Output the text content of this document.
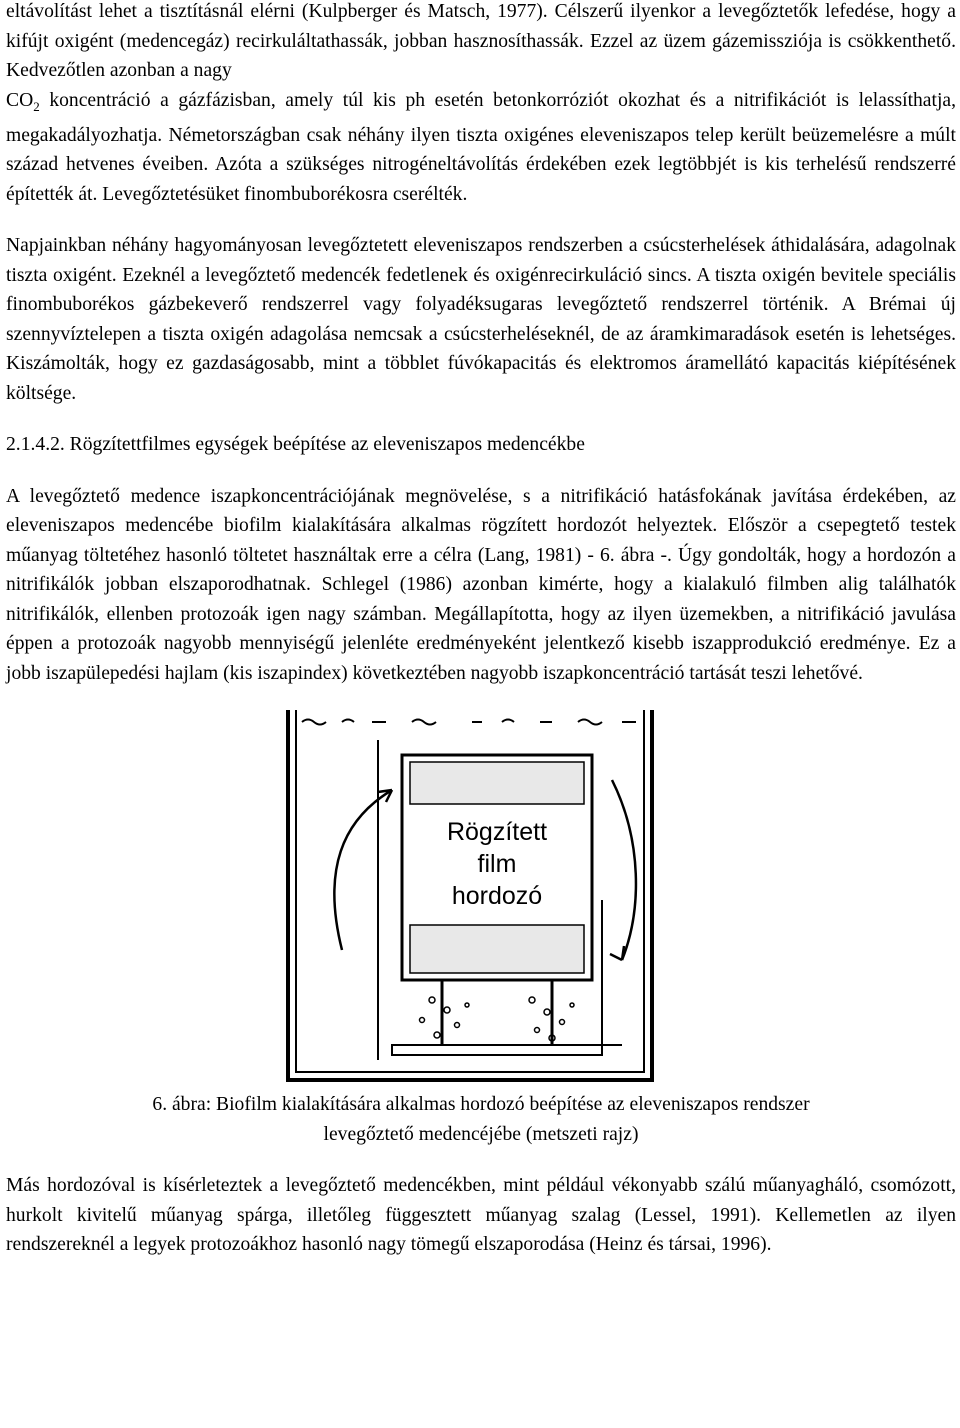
eltávolítást lehet a tisztításnál elérni (Kulpberger és Matsch, 1977). Célszerű ilyenkor a levegőztetők lefedése, hogy a kifújt oxigént (medencegáz) recirkuláltathassák, jobban hasznosíthassák. Ezzel az üzem gázemissziója is csökkenthető. Kedvezőtlen azonban a nagy
$CO_2$ koncentráció a gázfázisban, amely túl kis ph esetén betonkorróziót okozhat és a nitrifikációt is lelassíthatja, megakadályozhatja. Németországban csak néhány ilyen tiszta oxigénes eleveniszapos telep került beüzemelésre a múlt század hetvenes éveiben. Azóta a szükséges nitrogéneltávolítás érdekében ezek legtöbbjét is kis terhelésű rendszerré építették át. Levegőztetésüket finombuborékosra cserélték.

Napjainkban néhány hagyományosan levegőztetett eleveniszapos rendszerben a csúcsterhelések áthidalására, adagolnak tiszta oxigént. Ezeknél a levegőztető medencék fedetlenek és oxigénrecirkuláció sincs. A tiszta oxigén bevitele speciális finombuborékos gázbekeverő rendszerrel vagy folyadéksugaras levegőztető rendszerrel történik. A Brémai új szennyvíztelepen a tiszta oxigén adagolása nemcsak a csúcsterheléseknél, de az áramkimaradások esetén is lehetséges. Kiszámolták, hogy ez gazdaságosabb, mint a többlet fúvókapacitás és elektromos áramellátó kapacitás kiépítésének költsége.

2.1.4.2. Rögzítettfilmes egységek beépítése az eleveniszapos medencékbe

A levegőztető medence iszapkoncentrációjának megnövelése, s a nitrifikáció hatásfokának javítása érdekében, az eleveniszapos medencébe biofilm kialakítására alkalmas rögzített hordozót helyeztek. Először a csepegtető testek műanyag töltetéhez hasonló töltetet használtak erre a célra (Lang, 1981) - 6. ábra -. Úgy gondolták, hogy a hordozón a nitrifikálók jobban elszaporodhatnak. Schlegel (1986) azonban kimérte, hogy a kialakuló filmben alig találhatók nitrifikálók, ellenben protozoák igen nagy számban. Megállapította, hogy az ilyen üzemekben, a nitrifikáció javulása éppen a protozoák nagyobb mennyiségű jelenléte eredményeként jelentkező kisebb iszapprodukció eredménye. Ez a jobb iszapülepedési hajlam (kis iszapindex) következtében nagyobb iszapkoncentráció tartását teszi lehetővé.

Rögzített
film
hordozó

6. ábra: Biofilm kialakítására alkalmas hordozó beépítése az eleveniszapos rendszer

levegőztető medencéjébe (metszeti rajz)

Más hordozóval is kísérleteztek a levegőztető medencékben, mint például vékonyabb szálú műanyagháló, csomózott, hurkolt kivitelű műanyag spárga, illetőleg függesztett műanyag szalag (Lessel, 1991). Kellemetlen az ilyen rendszereknél a legyek protozoákhoz hasonló nagy tömegű elszaporodása (Heinz és társai, 1996).
